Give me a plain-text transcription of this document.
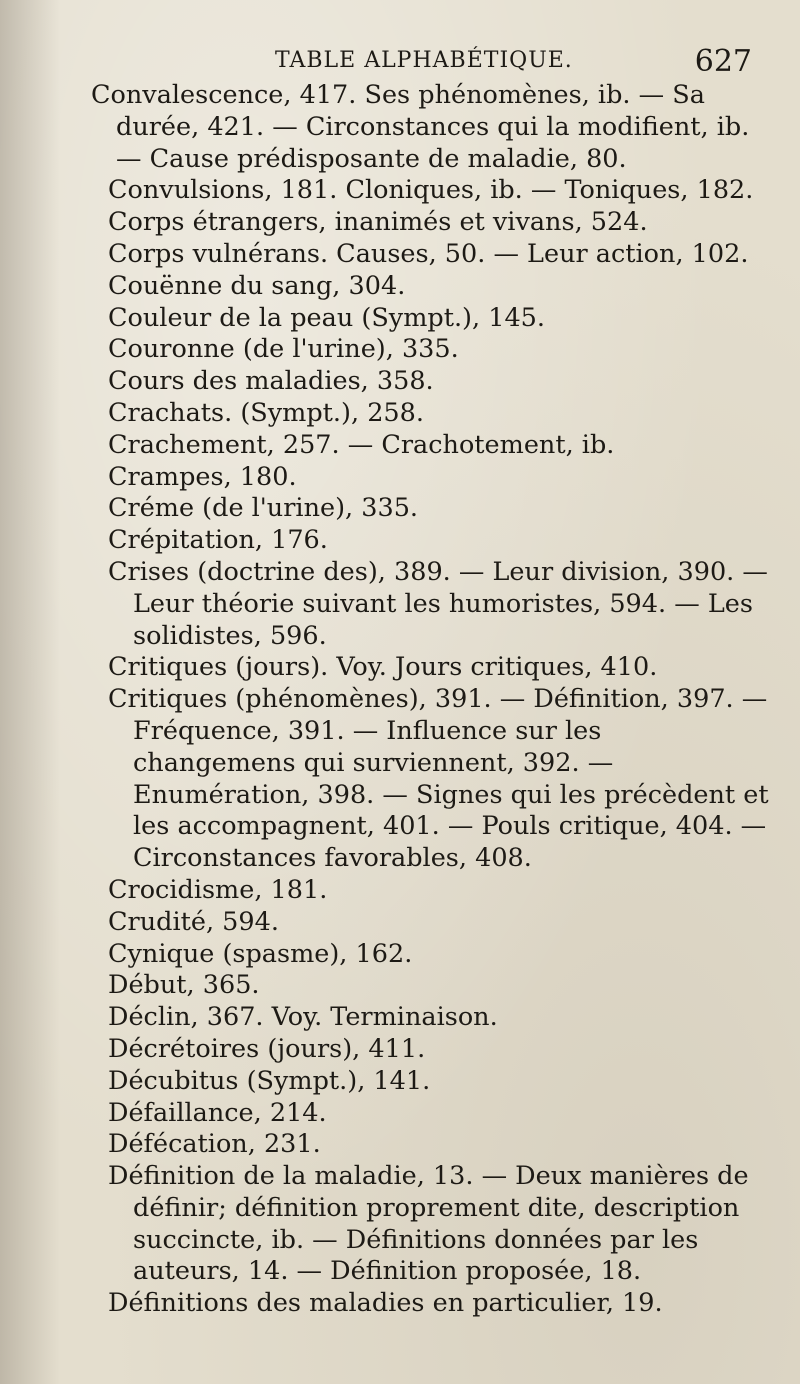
TABLE ALPHABÉTIQUE.	627
Convalescence, 417. Ses phénomènes, ib. — Sa durée, 421. — Circonstances qui la modifient, ib. — Cause prédisposante de maladie, 80.
Convulsions, 181. Cloniques, ib. — Toniques, 182.
Corps étrangers, inanimés et vivans, 524.
Corps vulnérans. Causes, 50. — Leur action, 102.
Couënne du sang, 304.
Couleur de la peau (Sympt.), 145.
Couronne (de l'urine), 335.
Cours des maladies, 358.
Crachats. (Sympt.), 258.
Crachement, 257. — Crachotement, ib.
Crampes, 180.
Créme (de l'urine), 335.
Crépitation, 176.
Crises (doctrine des), 389. — Leur division, 390. — Leur théorie suivant les humoristes, 594. — Les solidistes, 596.
Critiques (jours). Voy. Jours critiques, 410.
Critiques (phénomènes), 391. — Définition, 397. — Fréquence, 391. — Influence sur les changemens qui surviennent, 392. — Enumération, 398. — Signes qui les précèdent et les accompagnent, 401. — Pouls critique, 404. — Circonstances favorables, 408.
Crocidisme, 181.
Crudité, 594.
Cynique (spasme), 162.
Début, 365.
Déclin, 367. Voy. Terminaison.
Décrétoires (jours), 411.
Décubitus (Sympt.), 141.
Défaillance, 214.
Défécation, 231.
Définition de la maladie, 13. — Deux manières de définir; définition proprement dite, description succincte, ib. — Définitions données par les auteurs, 14. — Définition proposée, 18.
Définitions des maladies en particulier, 19.
